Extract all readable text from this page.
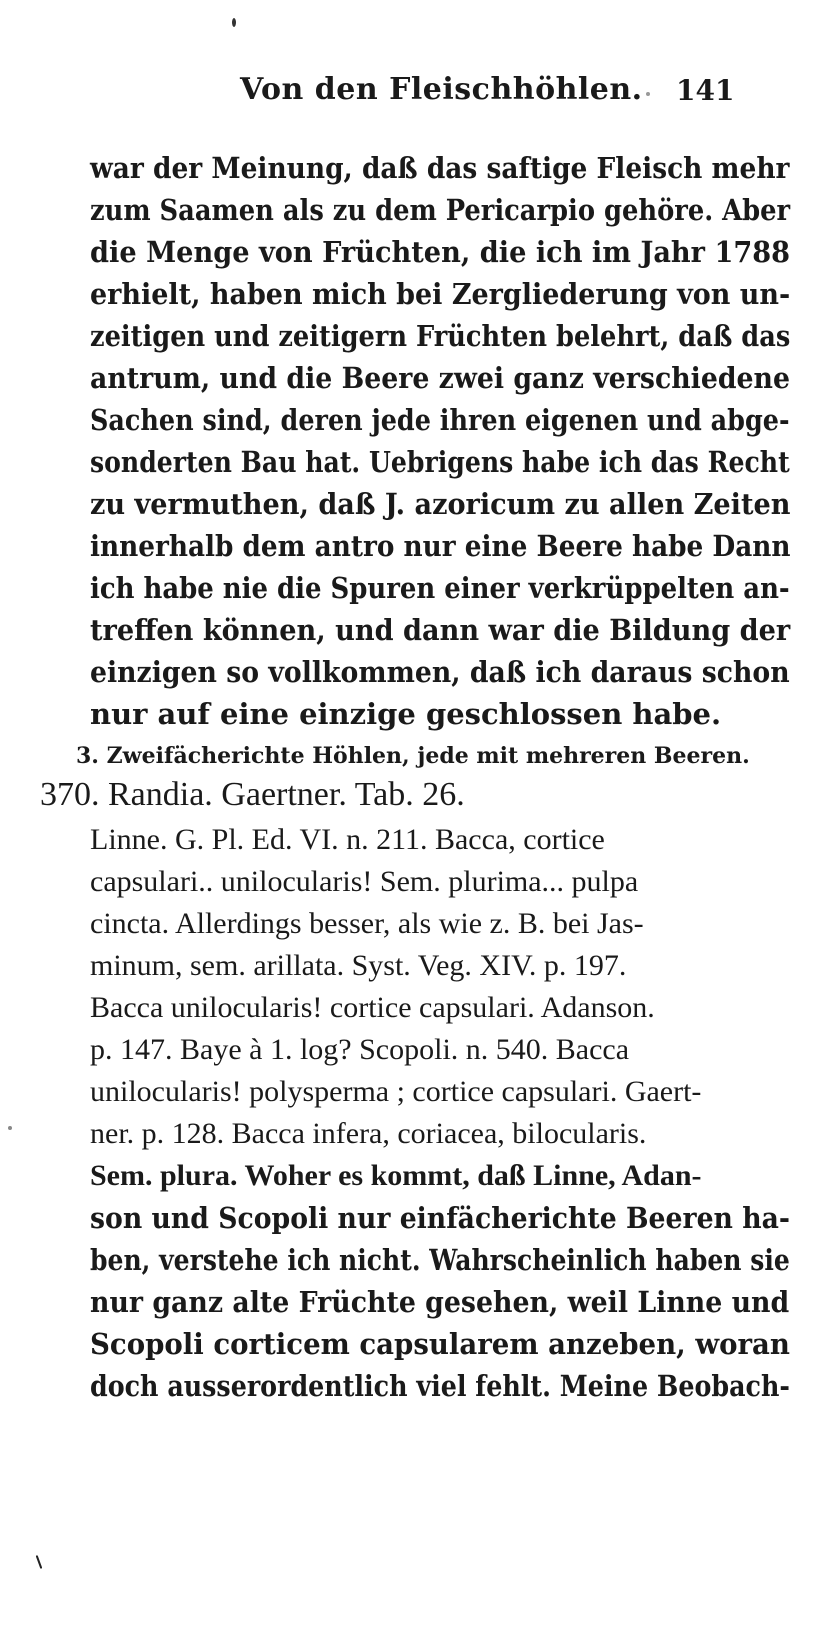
Von den Fleischhöhlen. 141
war der Meinung, daß das saftige Fleisch mehr
zum Saamen als zu dem Pericarpio gehöre. Aber
die Menge von Früchten, die ich im Jahr 1788
erhielt, haben mich bei Zergliederung von un-
zeitigen und zeitigern Früchten belehrt, daß das
antrum, und die Beere zwei ganz verschiedene
Sachen sind, deren jede ihren eigenen und abge-
sonderten Bau hat. Uebrigens habe ich das Recht
zu vermuthen, daß J. azoricum zu allen Zeiten
innerhalb dem antro nur eine Beere habe Dann
ich habe nie die Spuren einer verkrüppelten an-
treffen können, und dann war die Bildung der
einzigen so vollkommen, daß ich daraus schon
nur auf eine einzige geschlossen habe.
3. Zweifächerichte Höhlen, jede mit mehreren Beeren.
370. Randia. Gaertner. Tab. 26.
Linne. G. Pl. Ed. VI. n. 211. Bacca, cortice
capsulari.. unilocularis! Sem. plurima... pulpa
cincta. Allerdings besser, als wie z. B. bei Jas-
minum, sem. arillata. Syst. Veg. XIV. p. 197.
Bacca unilocularis! cortice capsulari. Adanson.
p. 147. Baye à 1. log? Scopoli. n. 540. Bacca
unilocularis! polysperma ; cortice capsulari. Gaert-
ner. p. 128. Bacca infera, coriacea, bilocularis.
Sem. plura. Woher es kommt, daß Linne, Adan-
son und Scopoli nur einfächerichte Beeren ha-
ben, verstehe ich nicht. Wahrscheinlich haben sie
nur ganz alte Früchte gesehen, weil Linne und
Scopoli corticem capsularem anzeben, woran
doch ausserordentlich viel fehlt. Meine Beobach-
